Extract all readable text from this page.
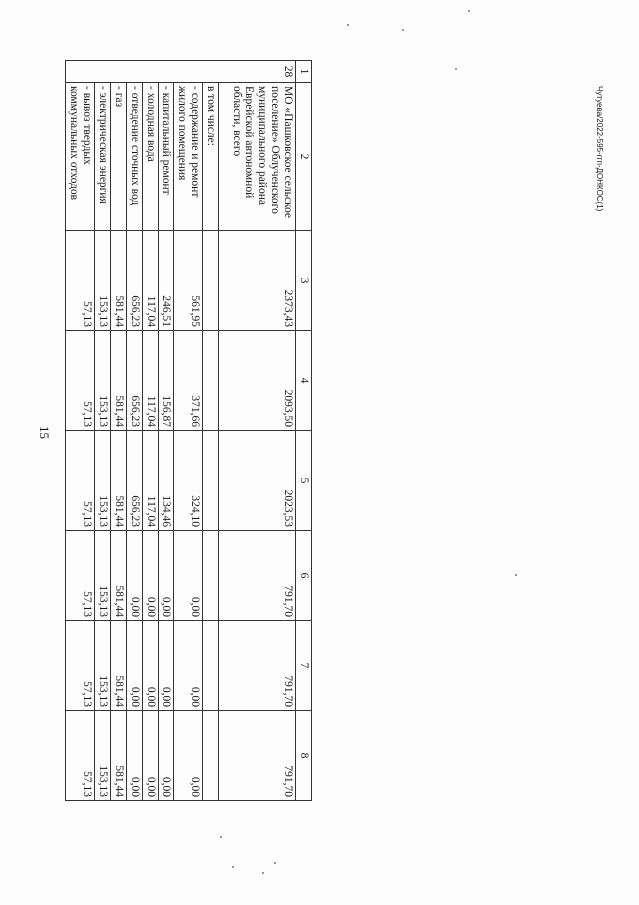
15
Чутуева/2022-595-ггп-ДОНКОС(1)
1	2	3	4	5	6	7	8
28	МО «Пашковское сельское поселение» Облученского муниципального района Еврейской автономной области, всего	2373,43	2093,50	2023,53	791,70	791,70	791,70
	в том числе:						
	- содержание и ремонт жилого помещения	561,95	371,66	324,10	0,00	0,00	0,00
	- капитальный ремонт	246,51	156,87	134,46	0,00	0,00	0,00
	- холодная вода	117,04	117,04	117,04	0,00	0,00	0,00
	- отведение сточных вод	656,23	656,23	656,23	0,00	0,00	0,00
	- газ	581,44	581,44	581,44	581,44	581,44	581,44
	- электрическая энергия	153,13	153,13	153,13	153,13	153,13	153,13
	- вывоз твердых коммунальных отходов	57,13	57,13	57,13	57,13	57,13	57,13
